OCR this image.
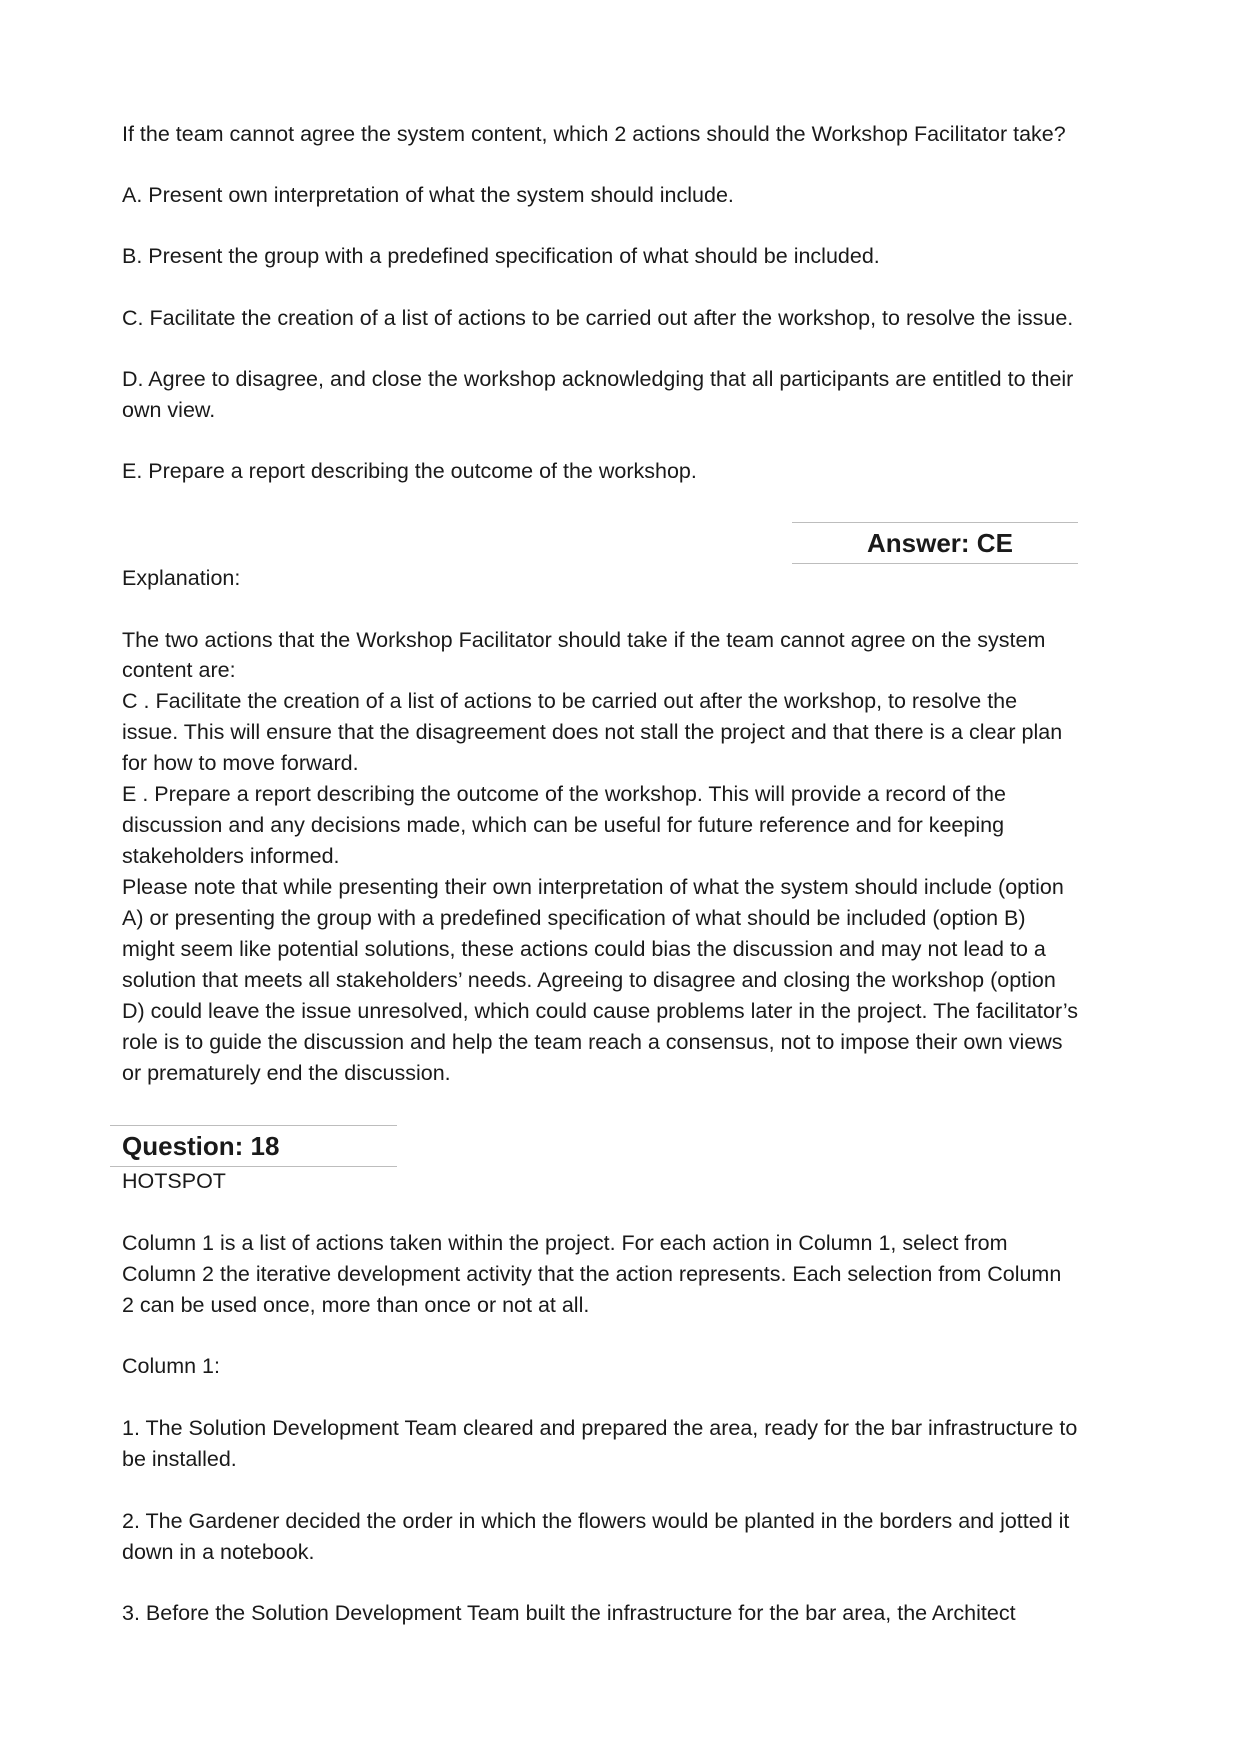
If the team cannot agree the system content, which 2 actions should the Workshop Facilitator take?

A. Present own interpretation of what the system should include.

B. Present the group with a predefined specification of what should be included.

C. Facilitate the creation of a list of actions to be carried out after the workshop, to resolve the issue.

D. Agree to disagree, and close the workshop acknowledging that all participants are entitled to their

own view.

E. Prepare a report describing the outcome of the workshop.

Explanation:

The two actions that the Workshop Facilitator should take if the team cannot agree on the system

content are:

C . Facilitate the creation of a list of actions to be carried out after the workshop, to resolve the

issue. This will ensure that the disagreement does not stall the project and that there is a clear plan

for how to move forward.

E . Prepare a report describing the outcome of the workshop. This will provide a record of the

discussion and any decisions made, which can be useful for future reference and for keeping

stakeholders informed.

Please note that while presenting their own interpretation of what the system should include (option

A) or presenting the group with a predefined specification of what should be included (option B)

might seem like potential solutions, these actions could bias the discussion and may not lead to a

solution that meets all stakeholders’ needs. Agreeing to disagree and closing the workshop (option

D) could leave the issue unresolved, which could cause problems later in the project. The facilitator’s

role is to guide the discussion and help the team reach a consensus, not to impose their own views

or prematurely end the discussion.

HOTSPOT

Column 1 is a list of actions taken within the project. For each action in Column 1, select from

Column 2 the iterative development activity that the action represents. Each selection from Column

2 can be used once, more than once or not at all.

Column 1:

1. The Solution Development Team cleared and prepared the area, ready for the bar infrastructure to

be installed.

2. The Gardener decided the order in which the flowers would be planted in the borders and jotted it

down in a notebook.

3. Before the Solution Development Team built the infrastructure for the bar area, the Architect

Answer: CE
Question: 18
